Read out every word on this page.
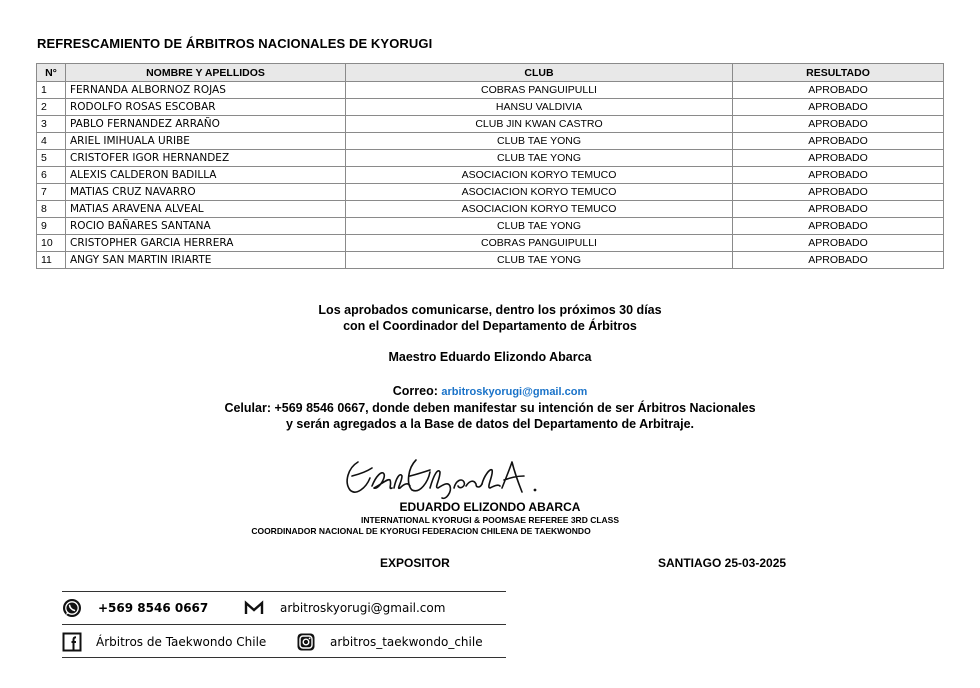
REFRESCAMIENTO DE ÁRBITROS NACIONALES DE KYORUGI
N°	NOMBRE Y APELLIDOS	CLUB	RESULTADO
1	FERNANDA ALBORNOZ ROJAS	COBRAS PANGUIPULLI	APROBADO
2	RODOLFO ROSAS ESCOBAR	HANSU VALDIVIA	APROBADO
3	PABLO FERNANDEZ ARRAÑO	CLUB JIN KWAN CASTRO	APROBADO
4	ARIEL IMIHUALA URIBE	CLUB TAE YONG	APROBADO
5	CRISTOFER IGOR HERNANDEZ	CLUB TAE YONG	APROBADO
6	ALEXIS CALDERON BADILLA	ASOCIACION KORYO TEMUCO	APROBADO
7	MATIAS CRUZ NAVARRO	ASOCIACION KORYO TEMUCO	APROBADO
8	MATIAS ARAVENA ALVEAL	ASOCIACION KORYO TEMUCO	APROBADO
9	ROCIO BAÑARES SANTANA	CLUB TAE YONG	APROBADO
10	CRISTOPHER GARCIA HERRERA	COBRAS PANGUIPULLI	APROBADO
11	ANGY SAN MARTIN IRIARTE	CLUB TAE YONG	APROBADO
Los aprobados comunicarse, dentro los próximos 30 días
con el Coordinador del Departamento de Árbitros
Maestro Eduardo Elizondo Abarca
Correo: arbitroskyorugi@gmail.com
Celular: +569 8546 0667, donde deben manifestar su intención de ser Árbitros Nacionales
y serán agregados a la Base de datos del Departamento de Arbitraje.
EDUARDO ELIZONDO ABARCA
INTERNATIONAL KYORUGI & POOMSAE REFEREE 3RD CLASS
COORDINADOR NACIONAL DE KYORUGI FEDERACION CHILENA DE TAEKWONDO
EXPOSITOR	SANTIAGO 25-03-2025
+569 8546 0667	arbitroskyorugi@gmail.com
Árbitros de Taekwondo Chile	arbitros_taekwondo_chile
